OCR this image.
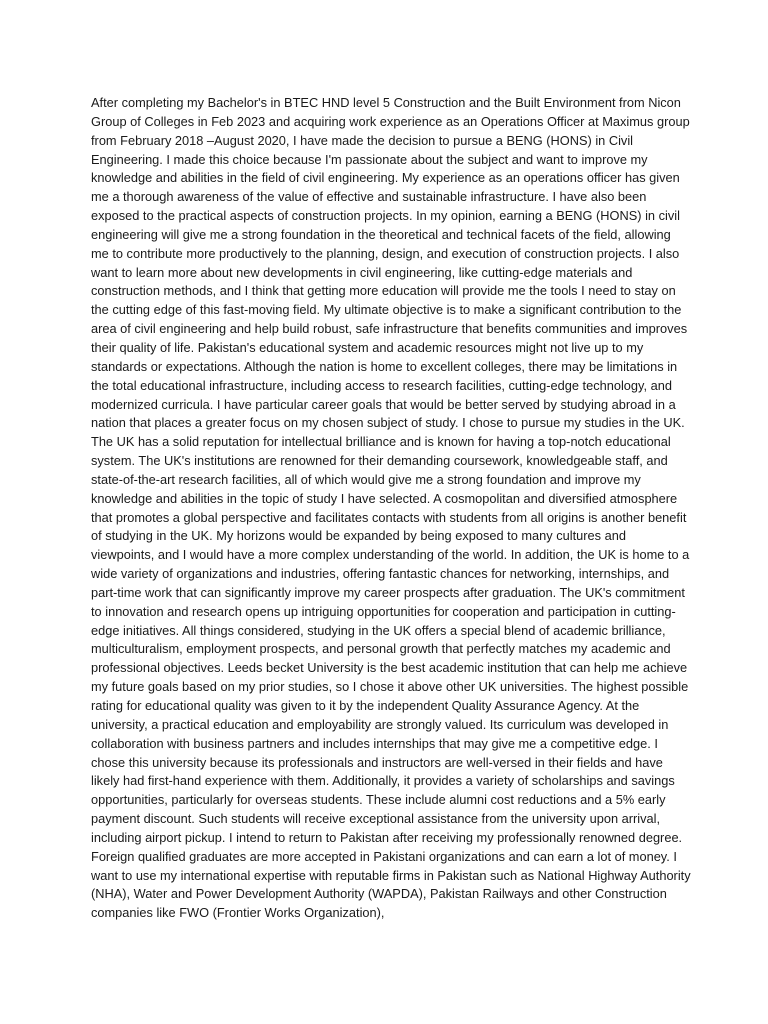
After completing my Bachelor's in BTEC HND level 5 Construction and the Built Environment from Nicon Group of Colleges in Feb 2023 and acquiring work experience as an Operations Officer at Maximus group from February 2018 –August 2020, I have made the decision to pursue a BENG (HONS) in Civil Engineering. I made this choice because I'm passionate about the subject and want to improve my knowledge and abilities in the field of civil engineering. My experience as an operations officer has given me a thorough awareness of the value of effective and sustainable infrastructure. I have also been exposed to the practical aspects of construction projects. In my opinion, earning a BENG (HONS) in civil engineering will give me a strong foundation in the theoretical and technical facets of the field, allowing me to contribute more productively to the planning, design, and execution of construction projects. I also want to learn more about new developments in civil engineering, like cutting-edge materials and construction methods, and I think that getting more education will provide me the tools I need to stay on the cutting edge of this fast-moving field. My ultimate objective is to make a significant contribution to the area of civil engineering and help build robust, safe infrastructure that benefits communities and improves their quality of life. Pakistan's educational system and academic resources might not live up to my standards or expectations. Although the nation is home to excellent colleges, there may be limitations in the total educational infrastructure, including access to research facilities, cutting-edge technology, and modernized curricula. I have particular career goals that would be better served by studying abroad in a nation that places a greater focus on my chosen subject of study. I chose to pursue my studies in the UK. The UK has a solid reputation for intellectual brilliance and is known for having a top-notch educational system. The UK's institutions are renowned for their demanding coursework, knowledgeable staff, and state-of-the-art research facilities, all of which would give me a strong foundation and improve my knowledge and abilities in the topic of study I have selected. A cosmopolitan and diversified atmosphere that promotes a global perspective and facilitates contacts with students from all origins is another benefit of studying in the UK. My horizons would be expanded by being exposed to many cultures and viewpoints, and I would have a more complex understanding of the world. In addition, the UK is home to a wide variety of organizations and industries, offering fantastic chances for networking, internships, and part-time work that can significantly improve my career prospects after graduation. The UK's commitment to innovation and research opens up intriguing opportunities for cooperation and participation in cutting-edge initiatives. All things considered, studying in the UK offers a special blend of academic brilliance, multiculturalism, employment prospects, and personal growth that perfectly matches my academic and professional objectives. Leeds becket University is the best academic institution that can help me achieve my future goals based on my prior studies, so I chose it above other UK universities. The highest possible rating for educational quality was given to it by the independent Quality Assurance Agency. At the university, a practical education and employability are strongly valued. Its curriculum was developed in collaboration with business partners and includes internships that may give me a competitive edge. I chose this university because its professionals and instructors are well-versed in their fields and have likely had first-hand experience with them. Additionally, it provides a variety of scholarships and savings opportunities, particularly for overseas students. These include alumni cost reductions and a 5% early payment discount. Such students will receive exceptional assistance from the university upon arrival, including airport pickup. I intend to return to Pakistan after receiving my professionally renowned degree. Foreign qualified graduates are more accepted in Pakistani organizations and can earn a lot of money. I want to use my international expertise with reputable firms in Pakistan such as National Highway Authority (NHA), Water and Power Development Authority (WAPDA), Pakistan Railways and other Construction companies like FWO (Frontier Works Organization),
